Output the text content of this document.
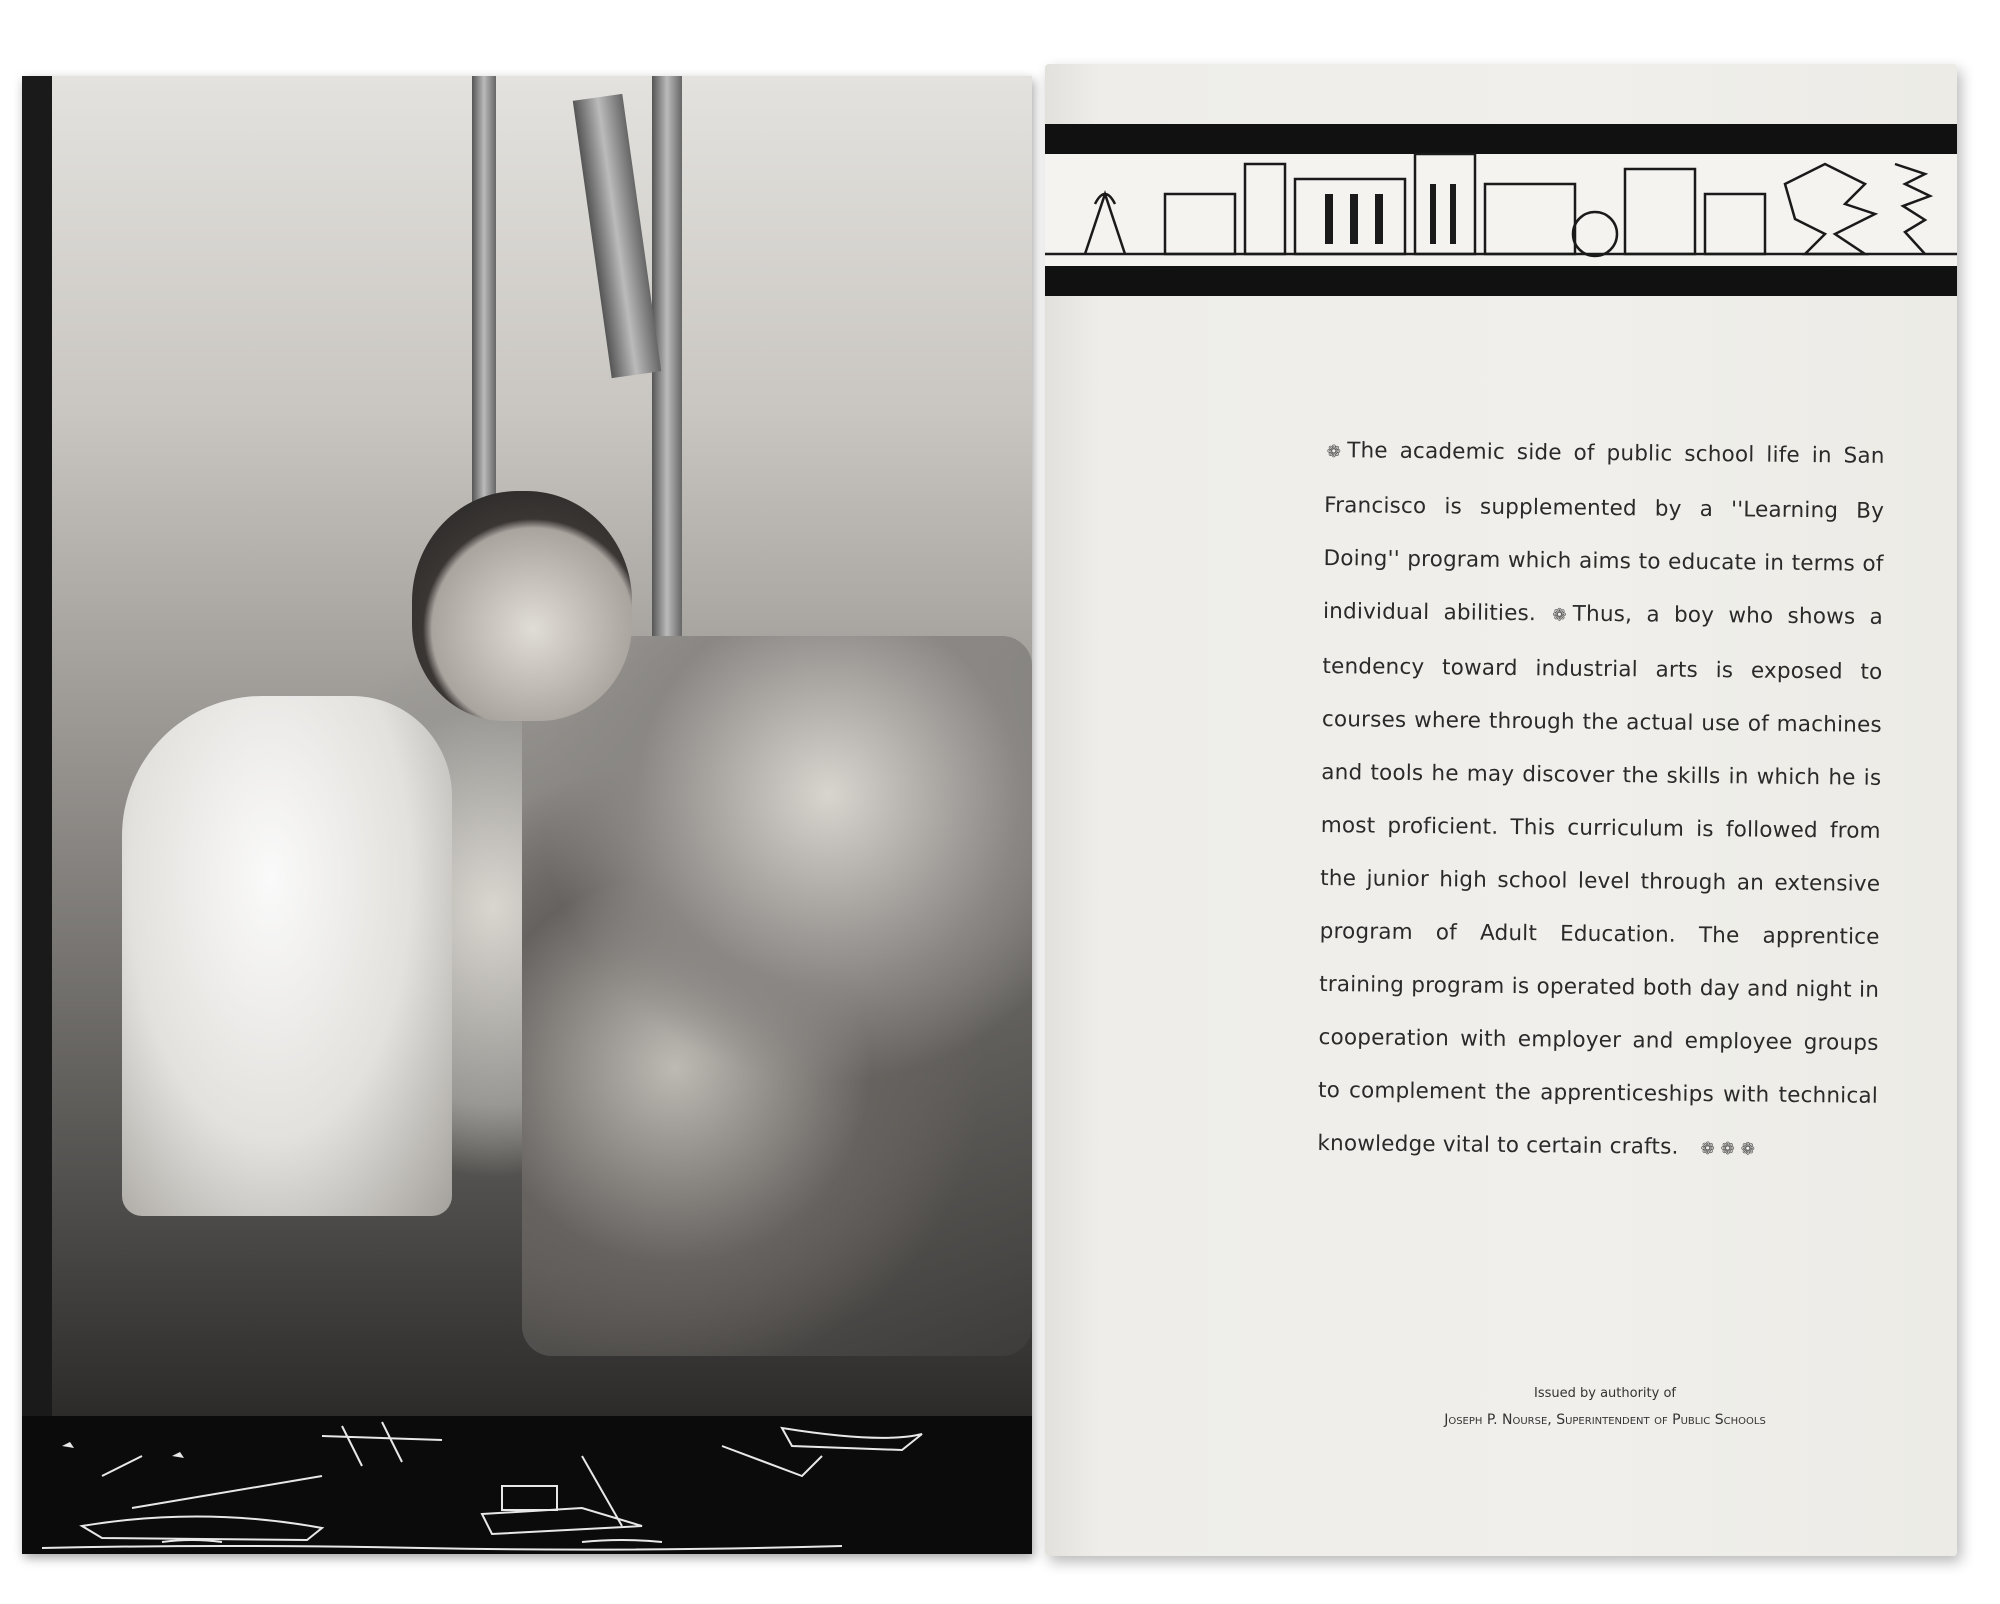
❁ The academic side of public school life in San Francisco is supplemented by a ''Learning By Doing'' program which aims to educate in terms of individual abilities. ❁ Thus, a boy who shows a tendency toward industrial arts is exposed to courses where through the actual use of machines and tools he may discover the skills in which he is most proficient. This curriculum is followed from the junior high school level through an extensive program of Adult Education. The apprentice training program is operated both day and night in cooperation with employer and employee groups to complement the apprenticeships with technical knowledge vital to certain crafts. ❁ ❁ ❁
Issued by authority of
Joseph P. Nourse, Superintendent of Public Schools
